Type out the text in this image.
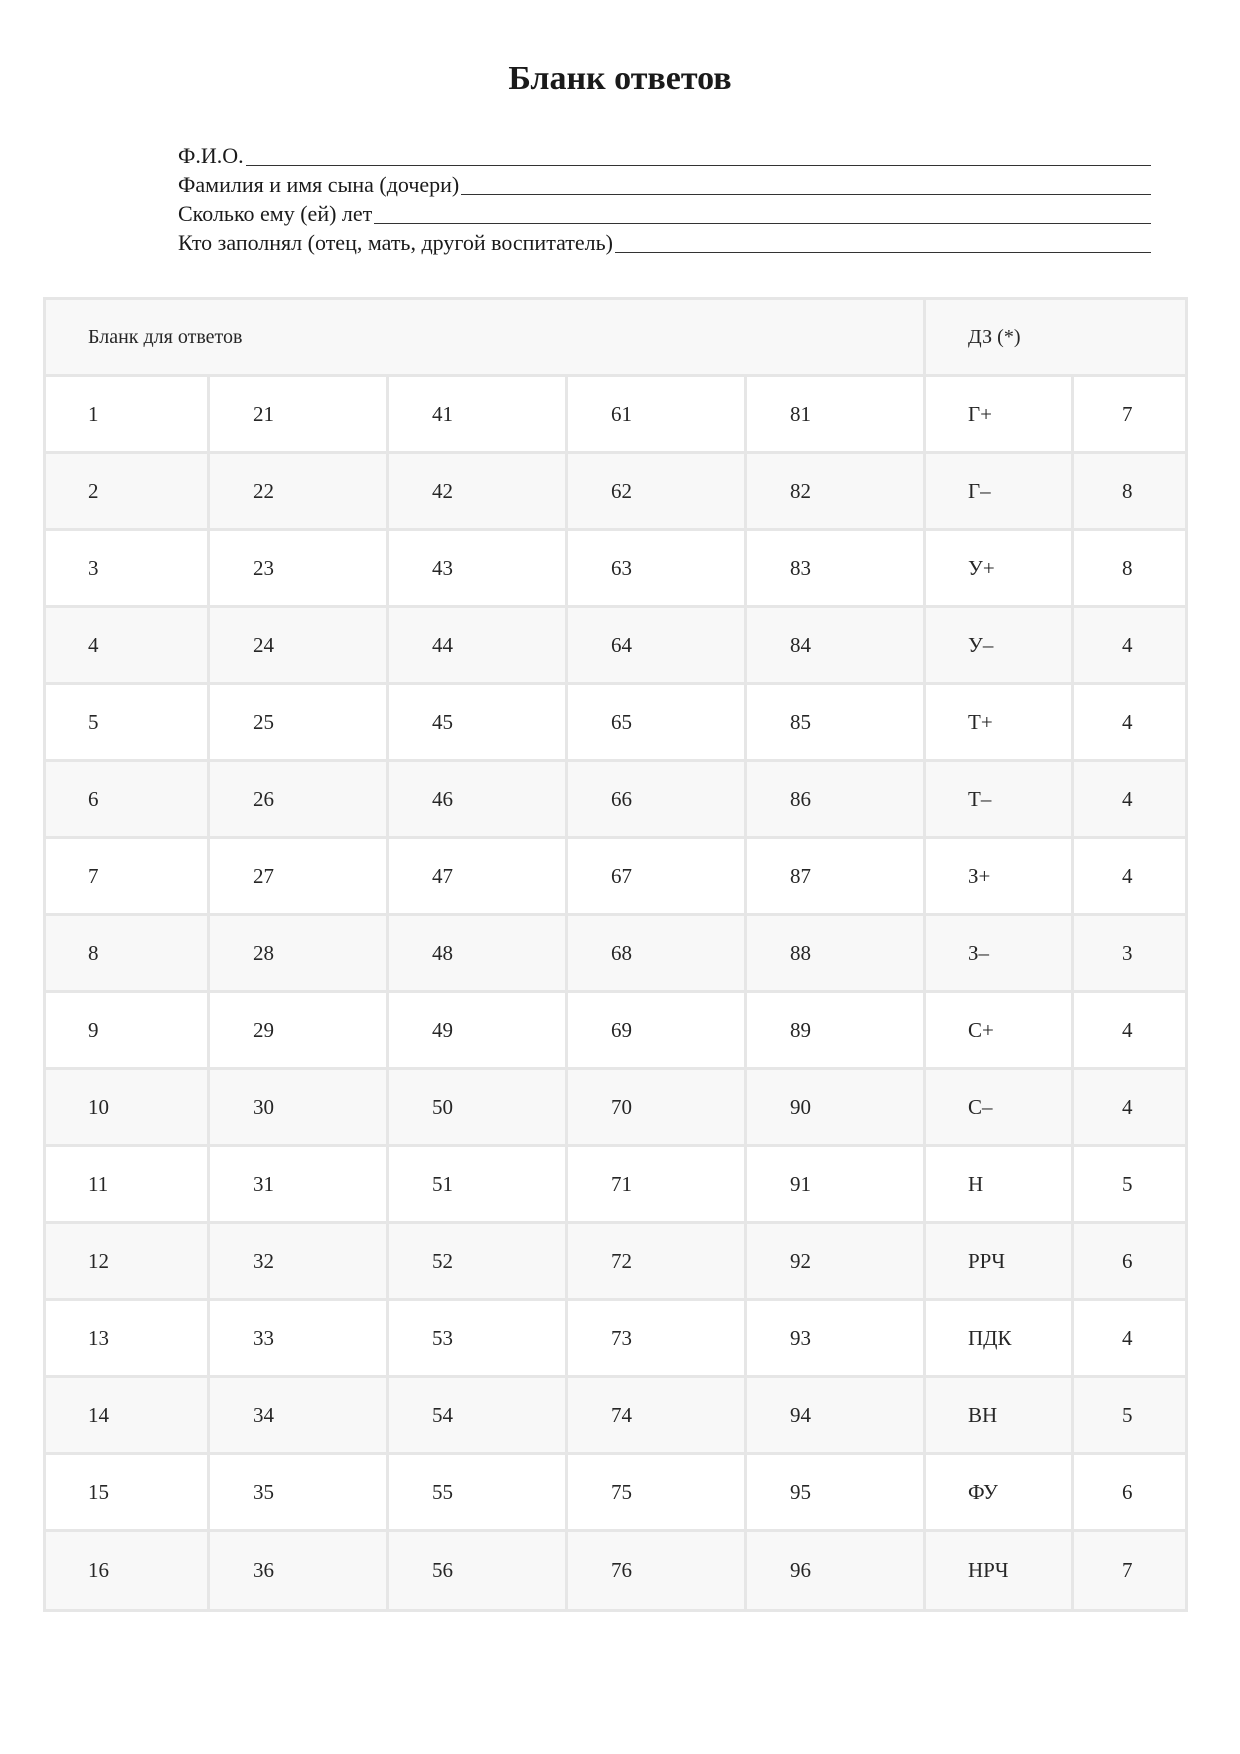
Бланк ответов
Ф.И.О.
Фамилия и имя сына (дочери)
Сколько ему (ей) лет
Кто заполнял (отец, мать, другой воспитатель)
Бланк для ответов					ДЗ (*)	
1	21	41	61	81	Г+	7
2	22	42	62	82	Г–	8
3	23	43	63	83	У+	8
4	24	44	64	84	У–	4
5	25	45	65	85	Т+	4
6	26	46	66	86	Т–	4
7	27	47	67	87	З+	4
8	28	48	68	88	З–	3
9	29	49	69	89	С+	4
10	30	50	70	90	С–	4
11	31	51	71	91	Н	5
12	32	52	72	92	РРЧ	6
13	33	53	73	93	ПДК	4
14	34	54	74	94	ВН	5
15	35	55	75	95	ФУ	6
16	36	56	76	96	НРЧ	7
